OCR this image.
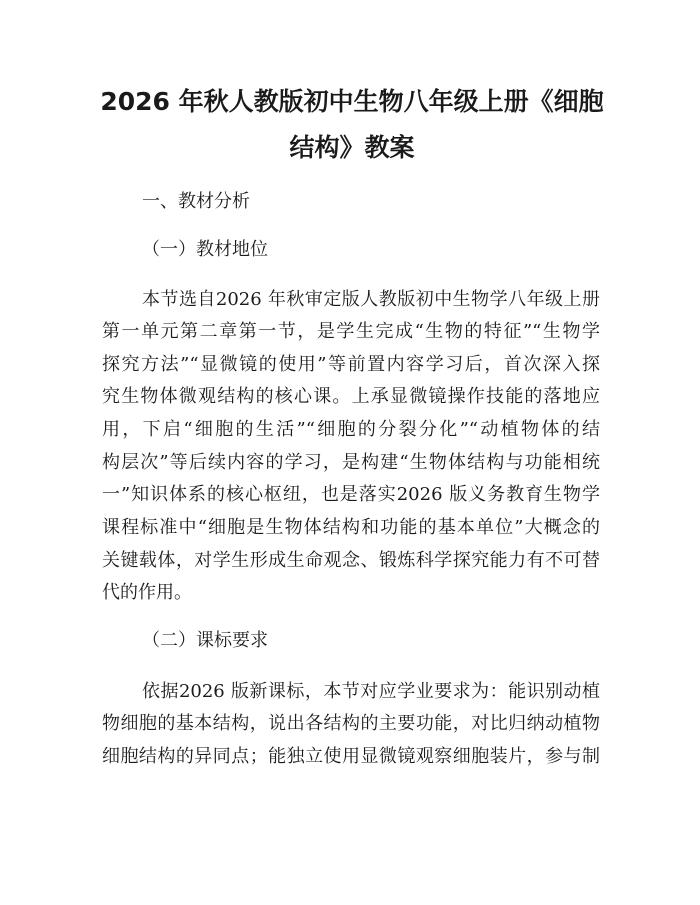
2026 年秋人教版初中生物八年级上册《细胞
结构》教案

一、教材分析

（一）教材地位

本节选自2026 年秋审定版人教版初中生物学八年级上册

第一单元第二章第一节，是学生完成“生物的特征”“生物学

探究方法”“显微镜的使用”等前置内容学习后，首次深入探

究生物体微观结构的核心课。上承显微镜操作技能的落地应

用，下启“细胞的生活”“细胞的分裂分化”“动植物体的结

构层次”等后续内容的学习，是构建“生物体结构与功能相统

一”知识体系的核心枢纽，也是落实2026 版义务教育生物学

课程标准中“细胞是生物体结构和功能的基本单位”大概念的

关键载体，对学生形成生命观念、锻炼科学探究能力有不可替

代的作用。

（二）课标要求

依据2026 版新课标，本节对应学业要求为：能识别动植

物细胞的基本结构，说出各结构的主要功能，对比归纳动植物

细胞结构的异同点；能独立使用显微镜观察细胞装片，参与制
